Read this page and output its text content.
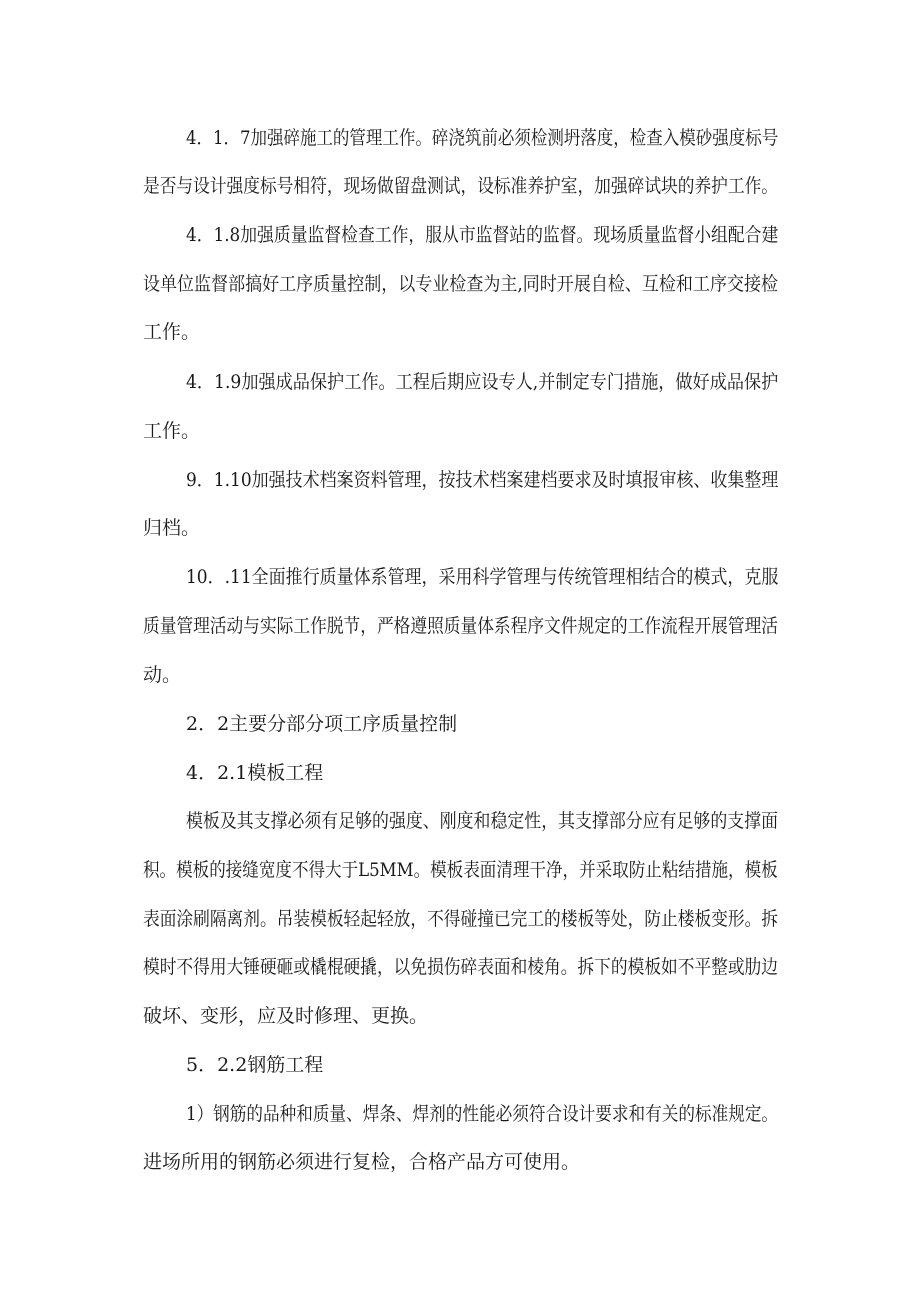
4．1．7加强碎施工的管理工作。碎浇筑前必须检测坍落度，检查入模砂强度标号
是否与设计强度标号相符，现场做留盘测试，设标准养护室，加强碎试块的养护工作。
4．1.8加强质量监督检查工作，服从市监督站的监督。现场质量监督小组配合建
设单位监督部搞好工序质量控制，以专业检查为主,同时开展自检、互检和工序交接检
工作。
4．1.9加强成品保护工作。工程后期应设专人,并制定专门措施，做好成品保护
工作。
9．1.10加强技术档案资料管理，按技术档案建档要求及时填报审核、收集整理
归档。
10．.11全面推行质量体系管理，采用科学管理与传统管理相结合的模式，克服
质量管理活动与实际工作脱节，严格遵照质量体系程序文件规定的工作流程开展管理活
动。
2．2主要分部分项工序质量控制
4．2.1模板工程
模板及其支撑必须有足够的强度、刚度和稳定性，其支撑部分应有足够的支撑面
积。模板的接缝宽度不得大于L5MM。模板表面清理干净，并采取防止粘结措施，模板
表面涂刷隔离剂。吊装模板轻起轻放，不得碰撞已完工的楼板等处，防止楼板变形。拆
模时不得用大锤硬砸或橇棍硬撬，以免损伤碎表面和棱角。拆下的模板如不平整或肋边
破坏、变形，应及时修理、更换。
5．2.2钢筋工程
1）钢筋的品种和质量、焊条、焊剂的性能必须符合设计要求和有关的标准规定。
进场所用的钢筋必须进行复检，合格产品方可使用。
